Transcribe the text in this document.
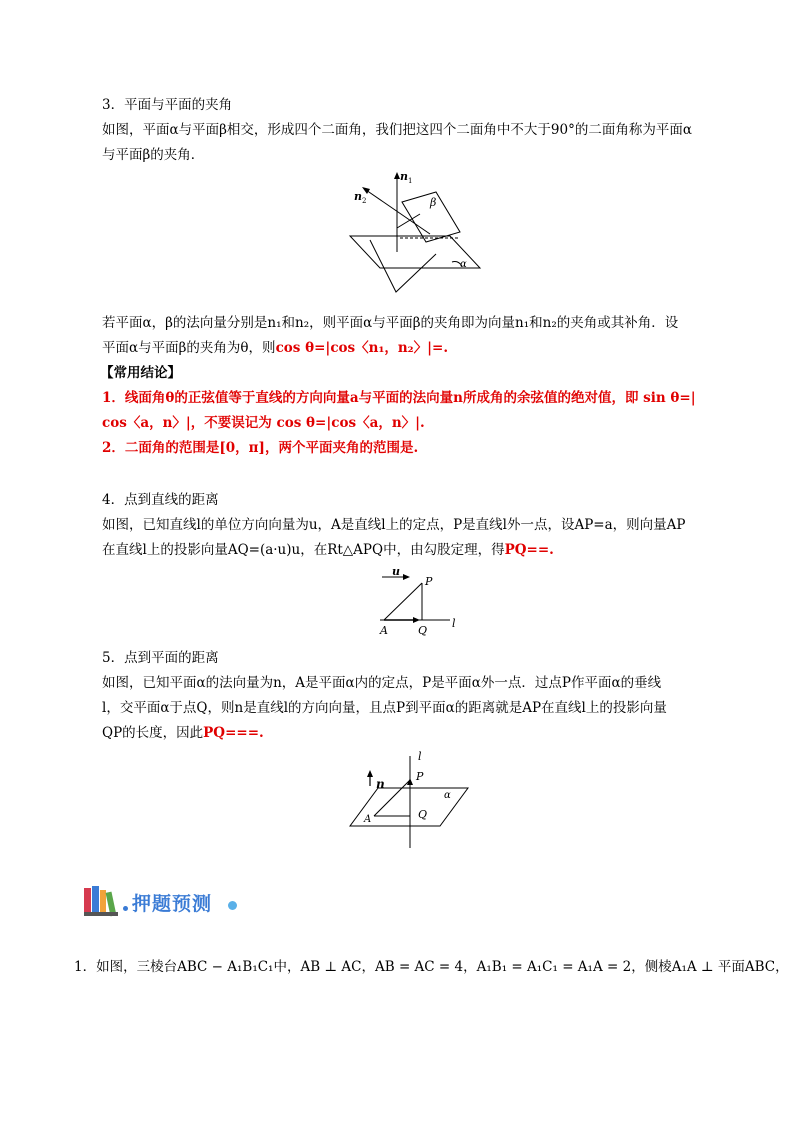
3．平面与平面的夹角
如图，平面α与平面β相交，形成四个二面角，我们把这四个二面角中不大于90°的二面角称为平面α
与平面β的夹角．
n 1
n 2	β
α
若平面α，β的法向量分别是n₁和n₂，则平面α与平面β的夹角即为向量n₁和n₂的夹角或其补角．设
平面α与平面β的夹角为θ，则cos θ=|cos〈n₁，n₂〉|=.
【常用结论】
1．线面角θ的正弦值等于直线的方向向量a与平面的法向量n所成角的余弦值的绝对值，即 sin θ=|
cos〈a，n〉|，不要误记为 cos θ=|cos〈a，n〉|.
2．二面角的范围是[0，π]，两个平面夹角的范围是.
4．点到直线的距离
如图，已知直线l的单位方向向量为u，A是直线l上的定点，P是直线l外一点，设AP=a，则向量AP
在直线l上的投影向量AQ=(a·u)u，在Rt△APQ中，由勾股定理，得PQ==.
u
P
A	Q
l
5．点到平面的距离
如图，已知平面α的法向量为n，A是平面α内的定点，P是平面α外一点．过点P作平面α的垂线
l，交平面α于点Q，则n是直线l的方向向量，且点P到平面α的距离就是AP在直线l上的投影向量
QP的长度，因此PQ===.
n
l
P
α
A	Q
押题预测
1．如图，三棱台ABC − A₁B₁C₁中，AB ⊥ AC，AB = AC = 4，A₁B₁ = A₁C₁ = A₁A = 2，侧棱A₁A ⊥ 平面ABC，
